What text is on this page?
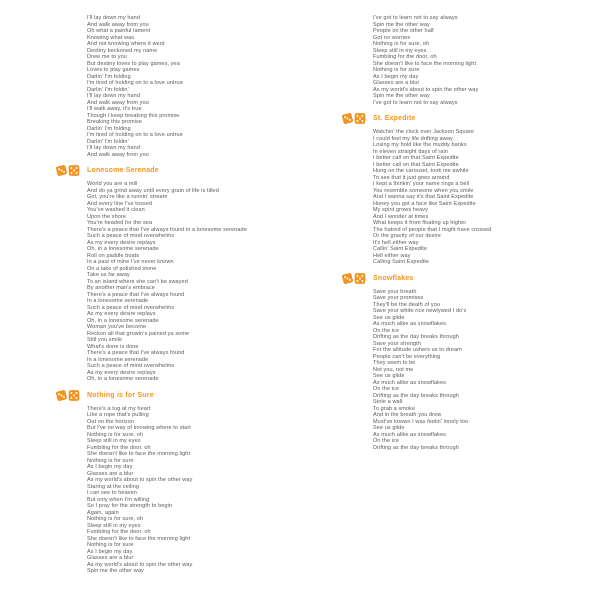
I'll lay down my hand
And walk away from you
Oh what a painful lament
Knowing what was
And not knowing where it went
Destiny beckoned my name
Drew me to you
But destiny loves to play games, yea
Loves to play games
Darlin' I'm folding
I'm tired of holding on to a love untrue
Darlin' I'm foldin'
I'll lay down my hand
And walk away from you
I'll walk away, it's true
Though I keep breaking this promise
Breaking this promise
Darlin' I'm folding
I'm tired of holding on to a love untrue
Darlin' I'm foldin'
I'll lay down my hand
And walk away from you
Lonesome Serenade
World you are a mill
And do ya grind away until every grain of life is tilled
Girl, you're like a runnin' stream
And every line I've tossed
You've washed it clean
Upon the shore
You're headed for the sea
There's a peace that I've always found in a lonesome serenade
Such a peace of mind overwhelms
As my every desire replays
Oh, in a lonesome serenade
Roll on paddle boats
In a past of mine I've never known
On a lake of polished stone
Take us far away
To an island where she can't be swayed
By another man's embrace
There's a peace that I've always found
In a lonesome serenade
Such a peace of mind overwhelms
As my every desire replays
Oh, in a lonesome serenade
Woman you've become
Reckon all that growin's pained ya some
Still you smile
What's done is done
There's a peace that I've always found
In a lonesome serenade
Such a peace of mind overwhelms
As my every desire replays
Oh, in a lonesome serenade
Nothing is for Sure
There's a tug at my heart
Like a rope that's pulling
Out on the horizon
But I've no way of knowing where to start
Nothing is for sure, oh
Sleep still in my eyes
Fumbling for the door, oh
She doesn't like to face the morning light
Nothing is for sure
As I begin my day
Glasses are a blur
As my world's about to spin the other way
Staring at the ceiling
I can see to heaven
But only when I'm willing
So I pray for the strength to begin
Again, again
Nothing is for sure, oh
Sleep still in my eyes
Fumbling for the door, oh
She doesn't like to face the morning light
Nothing is for sure
As I begin my day
Glasses are a blur
As my world's about to spin the other way
Spin me the other way
I've got to learn not to say always
Spin me the other way
People on the other half
Got no worries
Nothing is for sure, oh
Sleep still in my eyes
Fumbling for the door, oh
She doesn't like to face the morning light
Nothing is for sure
As I begin my day
Glasses are a blur
As my world's about to spin the other way
Spin me the other way
I've got to learn not to say always
St. Expedite
Watchin' the clock over Jackson Square
I could feel my life drifting away
Losing my hold like the muddy banks
In eleven straight days of rain
I better call on that Saint Expedite
I better call on that Saint Expedite
Hung on the carousel, took me awhile
To see that it just goes around
I kept a thinkin' your name rings a bell
You resemble someone when you smile
And I wanna say it's that Saint Expedite
Honey you got a face like Saint Expedite
My spirit grows heavy
And I wonder at times
What keeps it from floating up higher
The hatred of people that I might have crossed
Or the gravity of our desire
It's hell either way
Callin' Saint Expedite
Hell either way
Calling Saint Expedite
Snowflakes
Save your breath
Save your promises
They'll be the death of you
Save your white rice newlywed I do's
See us glide
As much alike as snowflakes
On the ice
Drifting as the day breaks through
Save your strength
For the altitude ushers us to dream
People can't be everything
They seem to be
Not you, not me
See us glide
As much alike as snowflakes
On the ice
Drifting as the day breaks through
Stole a wall
To grab a smoke
And in the breath you drew
Must've known I was feelin' lonely too
See us glide
As much alike as snowflakes
On the ice
Drifting as the day breaks through
